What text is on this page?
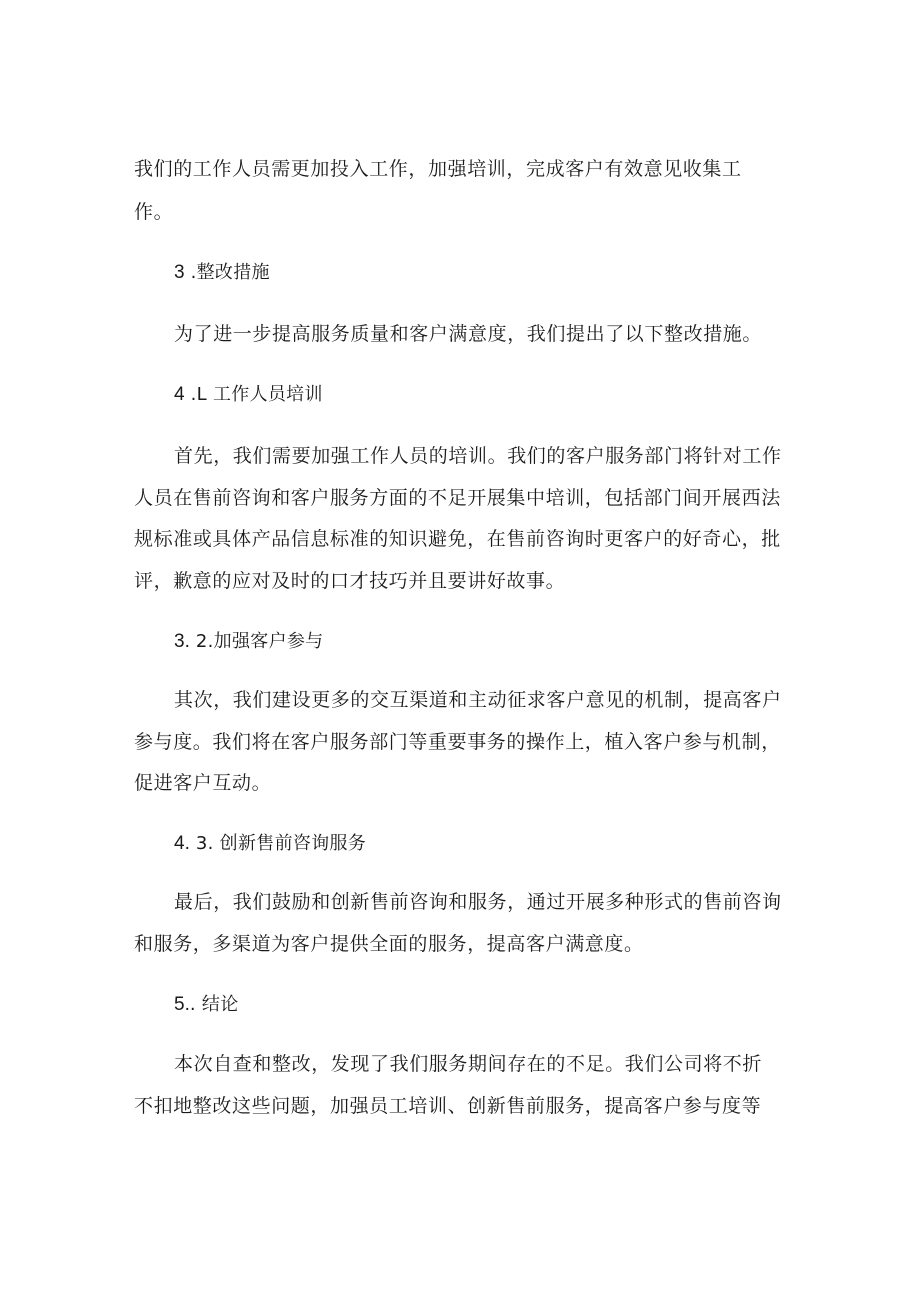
我们的工作人员需更加投入工作，加强培训，完成客户有效意见收集工

作。

3 .整改措施

为了进一步提高服务质量和客户满意度，我们提出了以下整改措施。

4 .L 工作人员培训

首先，我们需要加强工作人员的培训。我们的客户服务部门将针对工作

人员在售前咨询和客户服务方面的不足开展集中培训，包括部门间开展西法

规标准或具体产品信息标准的知识避免，在售前咨询时更客户的好奇心，批

评，歉意的应对及时的口才技巧并且要讲好故事。

3. 2.加强客户参与

其次，我们建设更多的交互渠道和主动征求客户意见的机制，提高客户

参与度。我们将在客户服务部门等重要事务的操作上，植入客户参与机制，

促进客户互动。

4. 3. 创新售前咨询服务

最后，我们鼓励和创新售前咨询和服务，通过开展多种形式的售前咨询

和服务，多渠道为客户提供全面的服务，提高客户满意度。

5.. 结论

本次自查和整改，发现了我们服务期间存在的不足。我们公司将不折

不扣地整改这些问题，加强员工培训、创新售前服务，提高客户参与度等
